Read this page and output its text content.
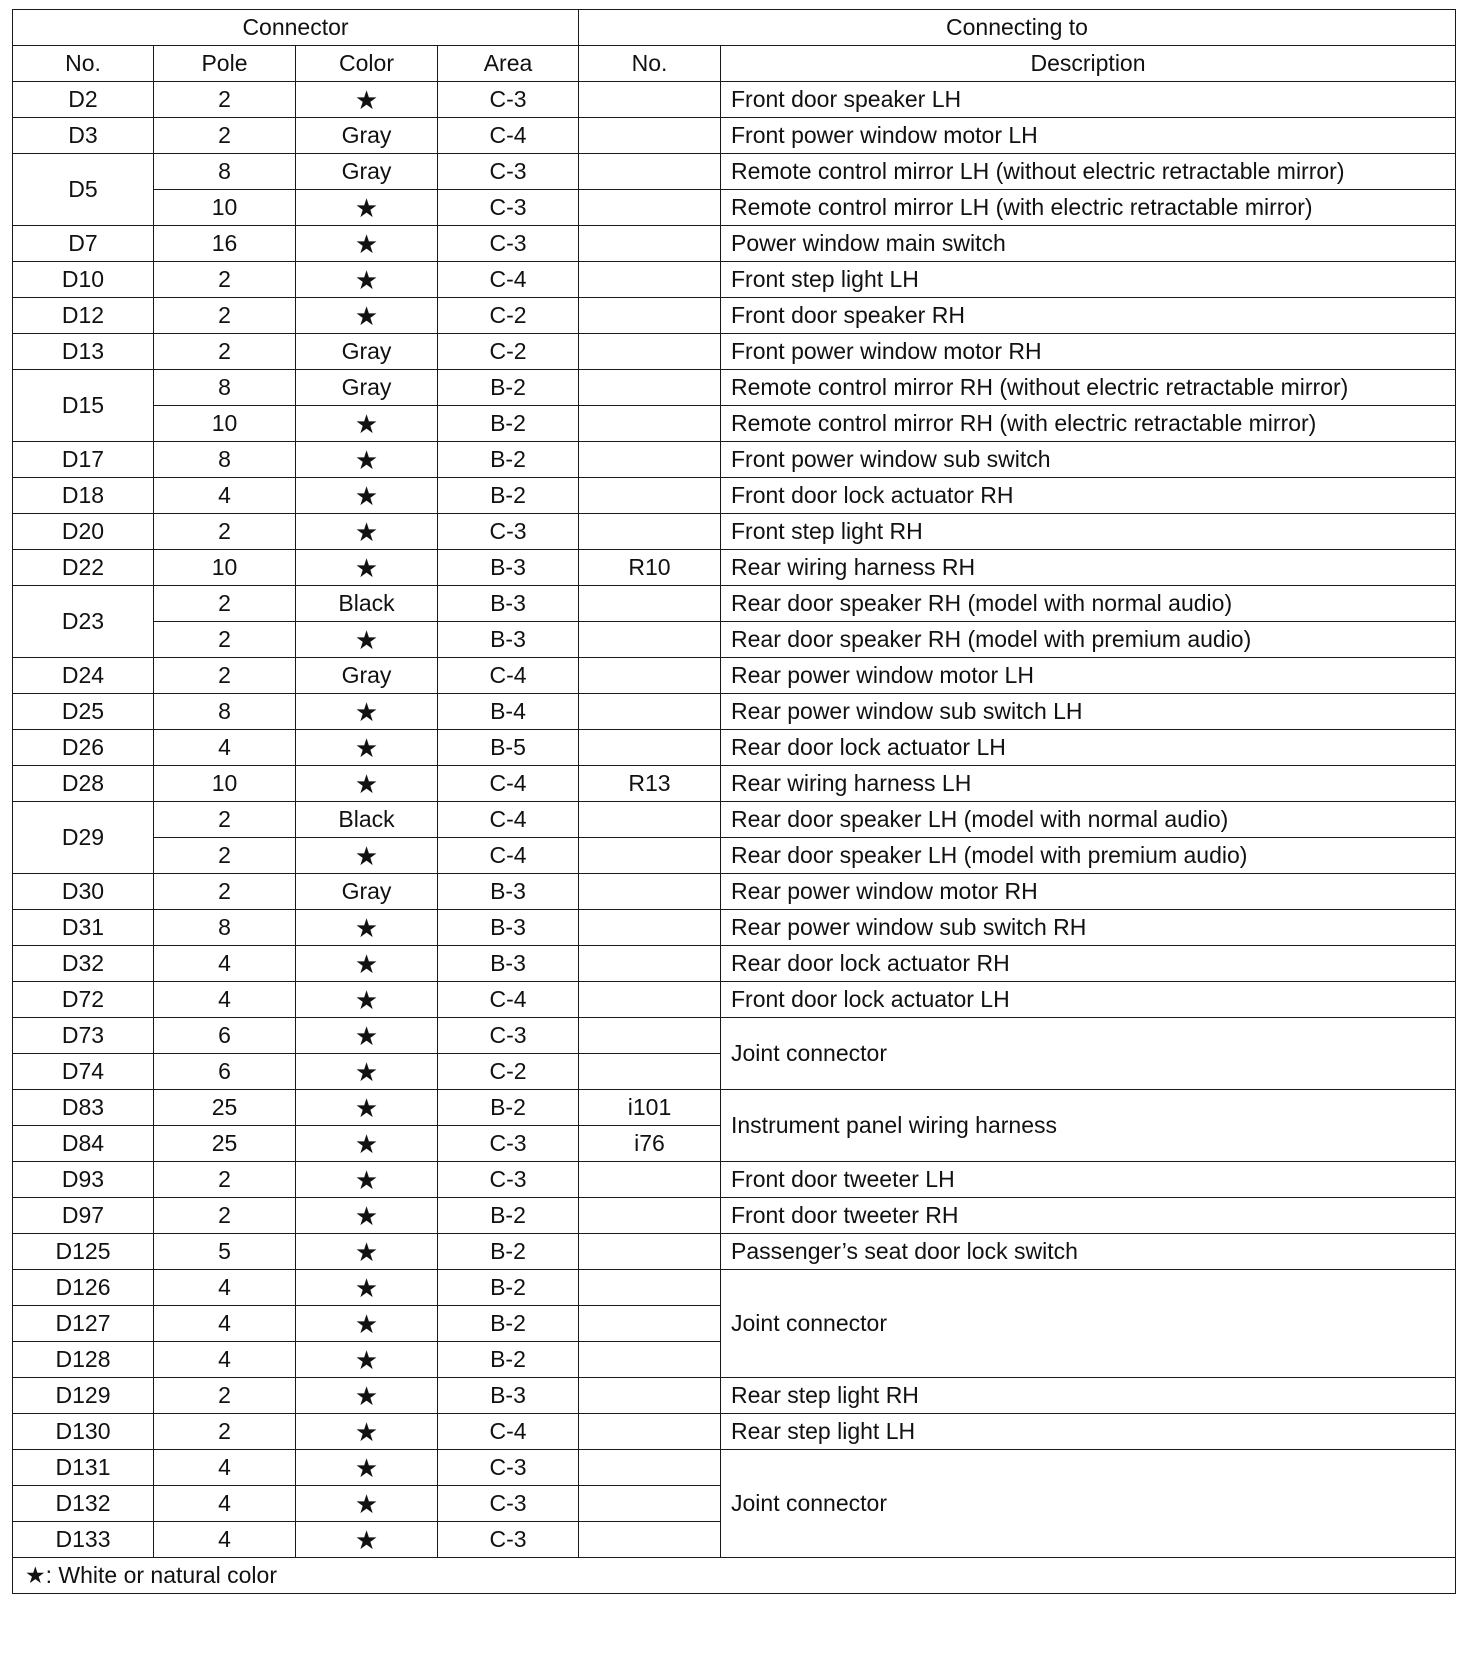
Connector				Connecting to	
No.	Pole	Color	Area	No.	Description
D2	2	★	C-3		Front door speaker LH
D3	2	Gray	C-4		Front power window motor LH
D5	8	Gray	C-3		Remote control mirror LH (without electric retractable mirror)
	10	★	C-3		Remote control mirror LH (with electric retractable mirror)
D7	16	★	C-3		Power window main switch
D10	2	★	C-4		Front step light LH
D12	2	★	C-2		Front door speaker RH
D13	2	Gray	C-2		Front power window motor RH
D15	8	Gray	B-2		Remote control mirror RH (without electric retractable mirror)
	10	★	B-2		Remote control mirror RH (with electric retractable mirror)
D17	8	★	B-2		Front power window sub switch
D18	4	★	B-2		Front door lock actuator RH
D20	2	★	C-3		Front step light RH
D22	10	★	B-3	R10	Rear wiring harness RH
D23	2	Black	B-3		Rear door speaker RH (model with normal audio)
	2	★	B-3		Rear door speaker RH (model with premium audio)
D24	2	Gray	C-4		Rear power window motor LH
D25	8	★	B-4		Rear power window sub switch LH
D26	4	★	B-5		Rear door lock actuator LH
D28	10	★	C-4	R13	Rear wiring harness LH
D29	2	Black	C-4		Rear door speaker LH (model with normal audio)
	2	★	C-4		Rear door speaker LH (model with premium audio)
D30	2	Gray	B-3		Rear power window motor RH
D31	8	★	B-3		Rear power window sub switch RH
D32	4	★	B-3		Rear door lock actuator RH
D72	4	★	C-4		Front door lock actuator LH
D73	6	★	C-3		Joint connector
D74	6	★	C-2		
D83	25	★	B-2	i101	Instrument panel wiring harness
D84	25	★	C-3	i76	
D93	2	★	C-3		Front door tweeter LH
D97	2	★	B-2		Front door tweeter RH
D125	5	★	B-2		Passenger’s seat door lock switch
D126	4	★	B-2		Joint connector
D127	4	★	B-2		
D128	4	★	B-2		
D129	2	★	B-3		Rear step light RH
D130	2	★	C-4		Rear step light LH
D131	4	★	C-3		Joint connector
D132	4	★	C-3		
D133	4	★	C-3		
★: White or natural color					
